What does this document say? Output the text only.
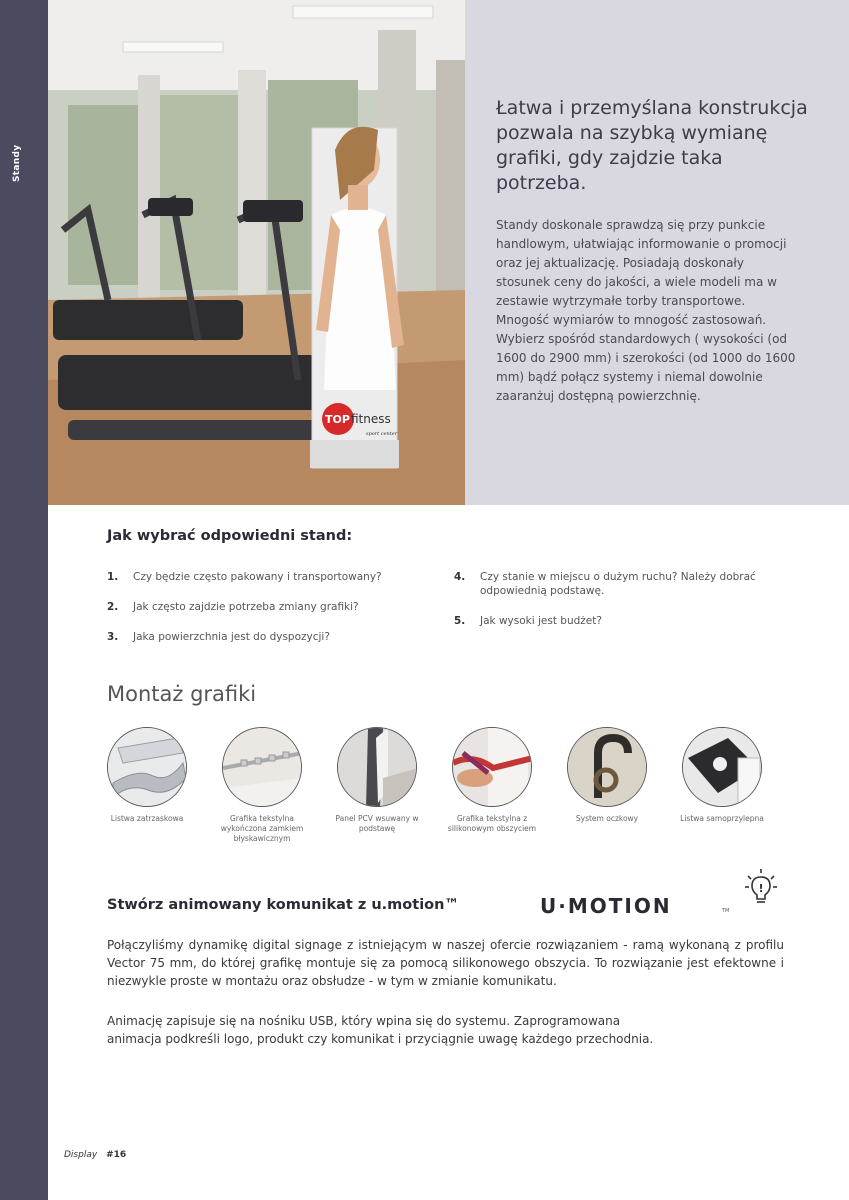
Standy
TOP fitness
sport center
Łatwa i przemyślana konstrukcja pozwala na szybką wymianę grafiki, gdy zajdzie taka potrzeba.

Standy doskonale sprawdzą się przy punkcie handlowym, ułatwiając informowanie o promocji oraz jej aktualizację. Posiadają doskonały stosunek ceny do jakości, a wiele modeli ma w zestawie wytrzymałe torby transportowe. Mnogość wymiarów to mnogość zastosowań. Wybierz spośród standardowych ( wysokości (od 1600 do 2900 mm) i szerokości (od 1000 do 1600 mm) bądź połącz systemy i niemal dowolnie zaaranżuj dostępną powierzchnię.

Jak wybrać odpowiedni stand:
1. Czy będzie często pakowany i transportowany?
2. Jak często zajdzie potrzeba zmiany grafiki?
3. Jaka powierzchnia jest do dyspozycji?
4. Czy stanie w miejscu o dużym ruchu? Należy dobrać odpowiednią podstawę.
5. Jak wysoki jest budżet?
Montaż grafiki
Listwa zatrzaskowa	Grafika tekstylna wykończona zamkiem błyskawicznym
Panel PCV wsuwany w podstawę
Grafika tekstylna z silikonowym obszyciem
System oczkowy	Listwa samoprzylepna
Stwórz animowany komunikat z u.motion™	U·MOTION	TM
!

Połączyliśmy dynamikę digital signage z istniejącym w naszej ofercie rozwiązaniem - ramą wykonaną z profilu Vector 75 mm, do której grafikę montuje się za pomocą silikonowego obszycia. To rozwiązanie jest efektowne i niezwykle proste w montażu oraz obsłudze - w tym w zmianie komunikatu.

Animację zapisuje się na nośniku USB, który wpina się do systemu. Zaprogramowana animacja podkreśli logo, produkt czy komunikat i przyciągnie uwagę każdego przechodnia.

Display #16
